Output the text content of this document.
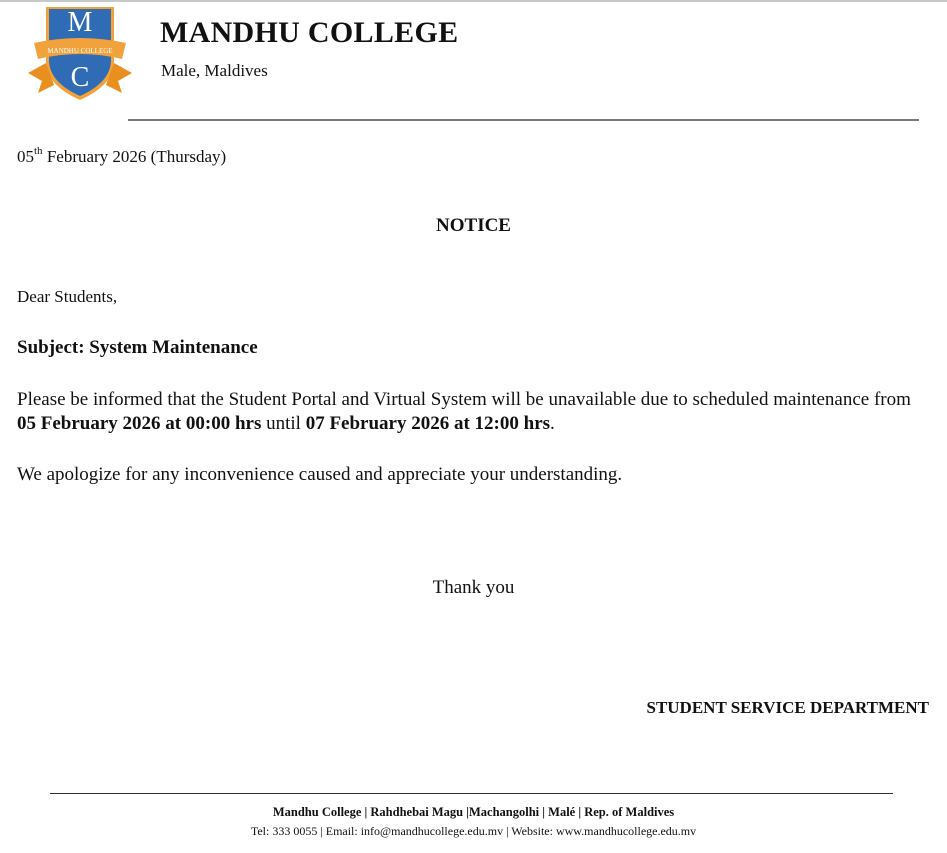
M
MANDHU COLLEGE
C
MANDHU COLLEGE
Male, Maldives
05th February 2026 (Thursday)
NOTICE
Dear Students,
Subject: System Maintenance
Please be informed that the Student Portal and Virtual System will be unavailable due to scheduled maintenance from 05 February 2026 at 00:00 hrs until 07 February 2026 at 12:00 hrs.
We apologize for any inconvenience caused and appreciate your understanding.
Thank you
STUDENT SERVICE DEPARTMENT
Mandhu College | Rahdhebai Magu |Machangolhi | Malé | Rep. of Maldives
Tel: 333 0055 | Email: info@mandhucollege.edu.mv | Website: www.mandhucollege.edu.mv
